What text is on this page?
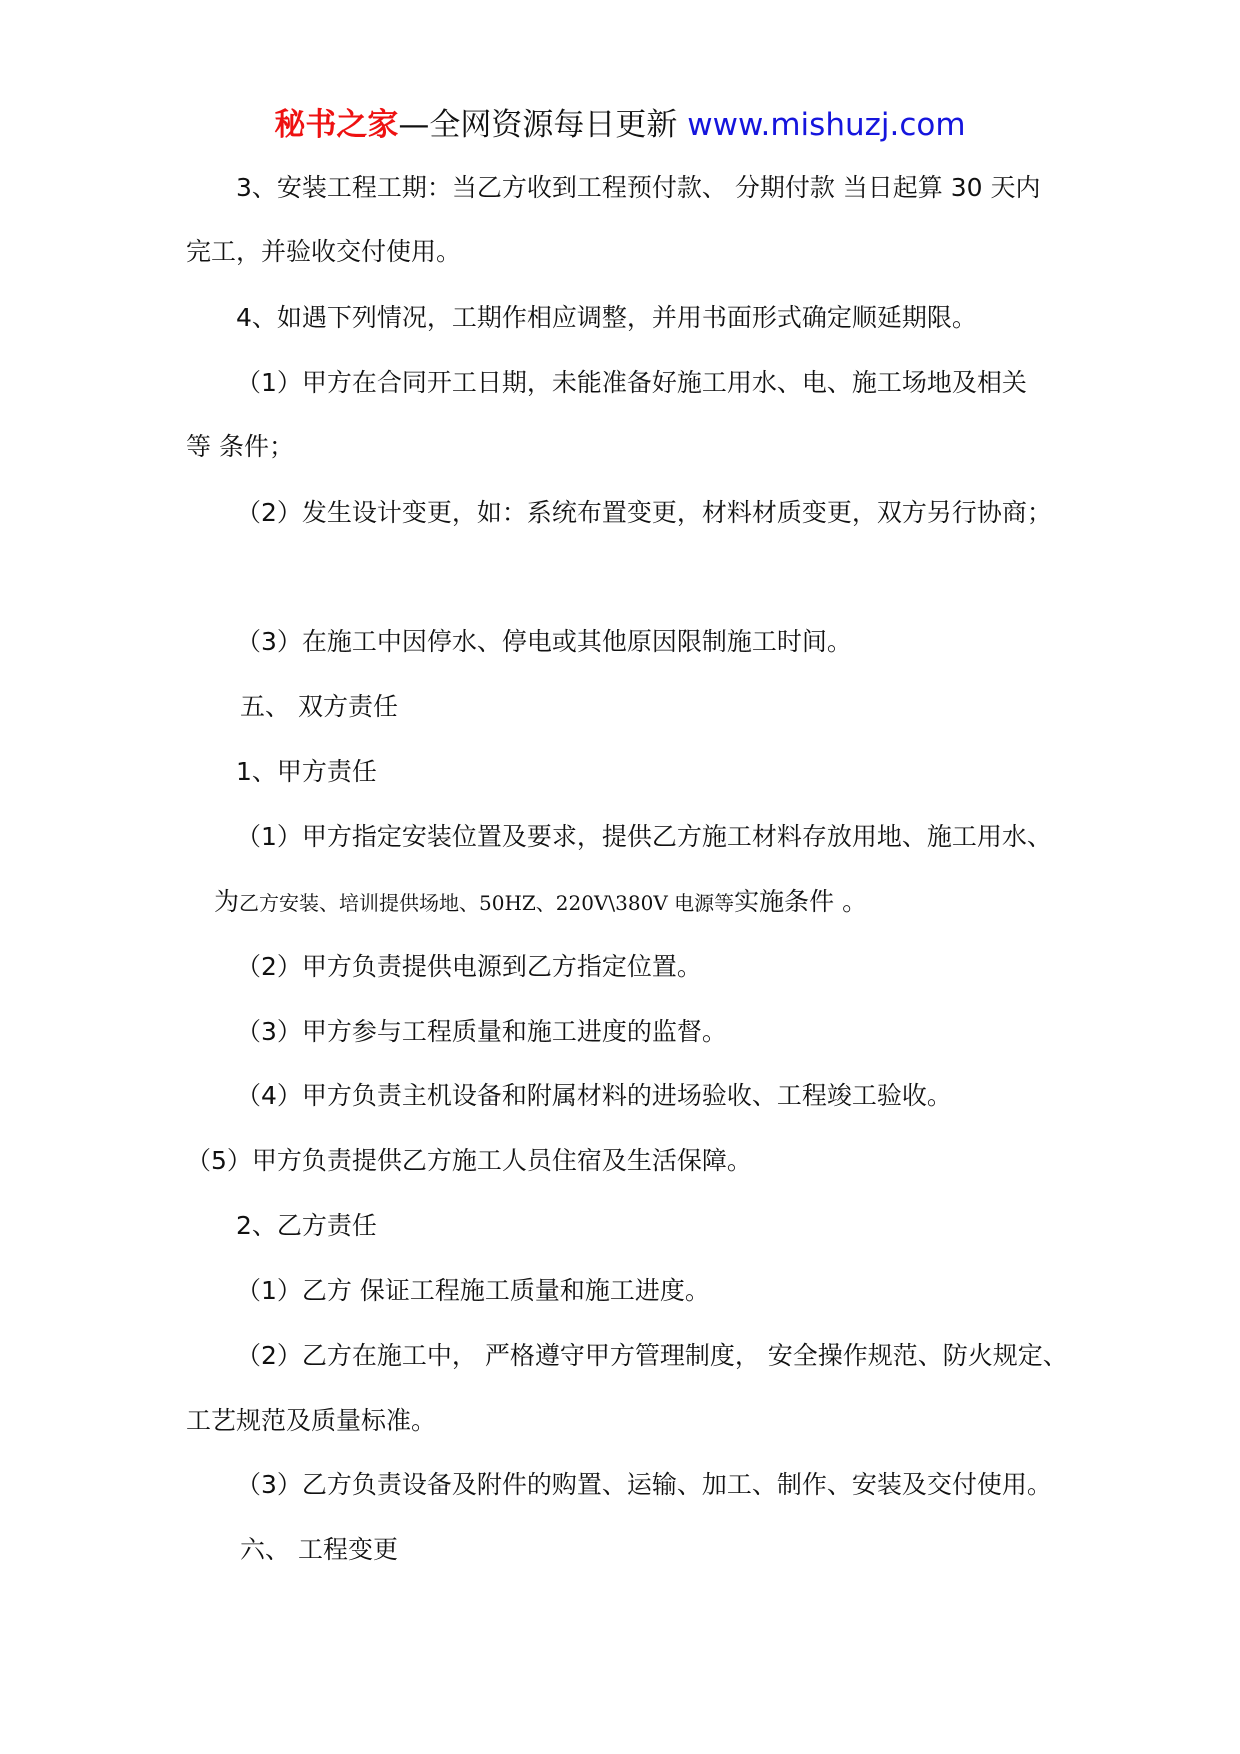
秘书之家—全网资源每日更新 www.mishuzj.com
3、安装工程工期：当乙方收到工程预付款、 分期付款 当日起算 30 天内
完工，并验收交付使用。
4、如遇下列情况，工期作相应调整，并用书面形式确定顺延期限。
（1）甲方在合同开工日期，未能准备好施工用水、电、施工场地及相关
等 条件；
（2）发生设计变更，如：系统布置变更，材料材质变更，双方另行协商；
（3）在施工中因停水、停电或其他原因限制施工时间。
五、 双方责任
1、甲方责任
（1）甲方指定安装位置及要求，提供乙方施工材料存放用地、施工用水、
为乙方安装、培训提供场地、50HZ、220V\380V 电源等实施条件 。
（2）甲方负责提供电源到乙方指定位置。
（3）甲方参与工程质量和施工进度的监督。
（4）甲方负责主机设备和附属材料的进场验收、工程竣工验收。
（5）甲方负责提供乙方施工人员住宿及生活保障。
2、乙方责任
（1）乙方 保证工程施工质量和施工进度。
（2）乙方在施工中， 严格遵守甲方管理制度， 安全操作规范、防火规定、
工艺规范及质量标准。
（3）乙方负责设备及附件的购置、运输、加工、制作、安装及交付使用。
六、 工程变更
